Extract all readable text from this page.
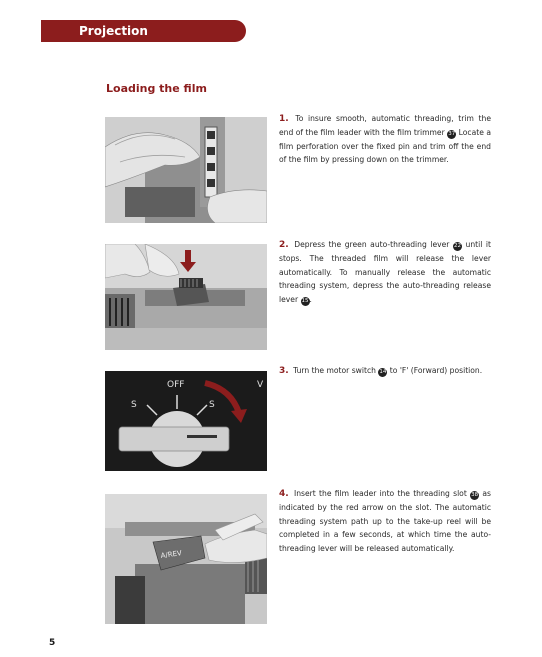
Projection
Loading the film
OFF
S	S
V
A/REV
1. To insure smooth, automatic threading, trim the end of the film leader with the film trimmer 37 Locate a film perforation over the fixed pin and trim off the end of the film by pressing down on the trimmer.
2. Depress the green auto-threading lever 22 until it stops. The threaded film will release the lever automatically. To manually release the automatic threading system, depress the auto-threading release lever 15.
3. Turn the motor switch 14 to 'F' (Forward) position.
4. Insert the film leader into the threading slot 38 as indicated by the red arrow on the slot. The automatic threading system path up to the take-up reel will be completed in a few seconds, at which time the auto-threading lever will be released automatically.
5
